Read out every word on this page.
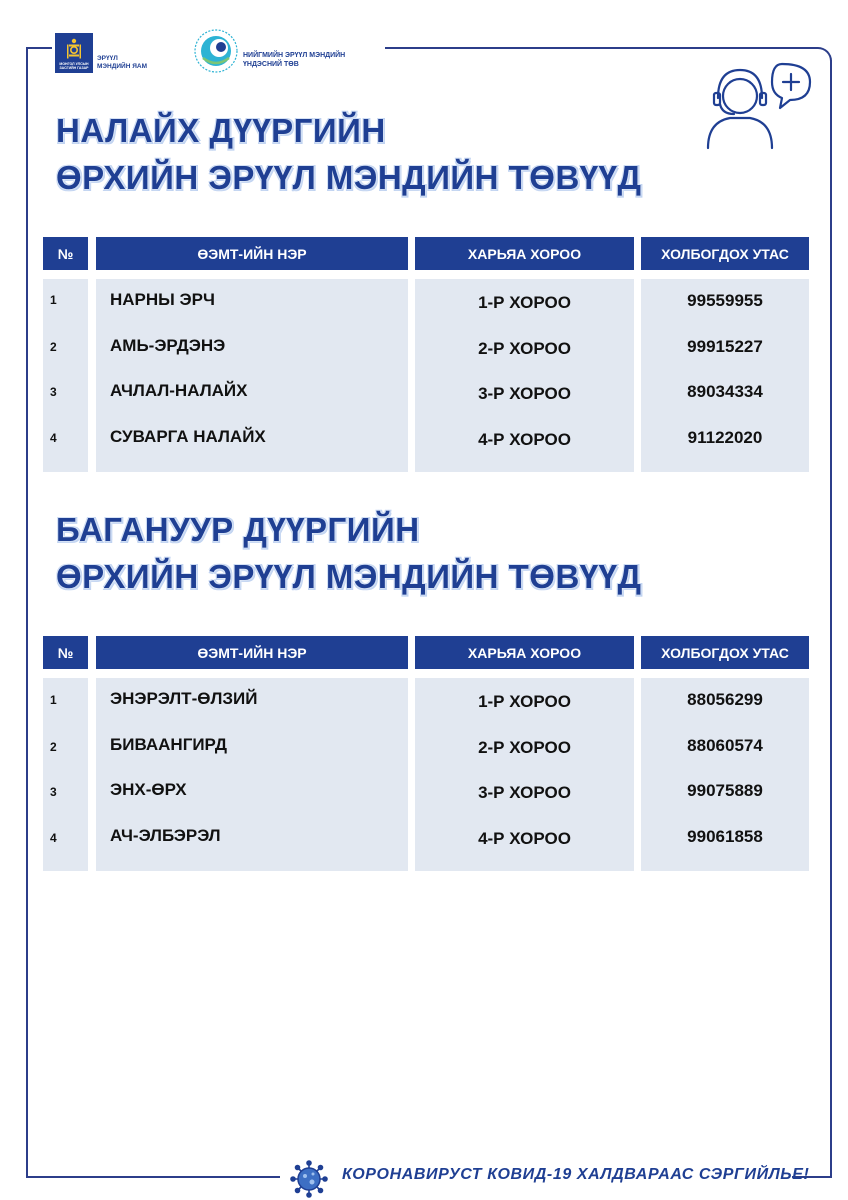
МОНГОЛ УЛСЫН ЗАСГИЙН ГАЗАР
ЭРҮҮЛ
МЭНДИЙН ЯАМ
НИЙГМИЙН ЭРҮҮЛ МЭНДИЙН
ҮНДЭСНИЙ ТӨВ
НАЛАЙХ ДҮҮРГИЙН
ӨРХИЙН ЭРҮҮЛ МЭНДИЙН ТӨВҮҮД
№	ӨЭМТ-ИЙН НЭР	ХАРЬЯА ХОРОО	ХОЛБОГДОХ УТАС
1	НАРНЫ ЭРЧ	1-Р ХОРОО	99559955
2	АМЬ-ЭРДЭНЭ	2-Р ХОРОО	99915227
3	АЧЛАЛ-НАЛАЙХ	3-Р ХОРОО	89034334
4	СУВАРГА НАЛАЙХ	4-Р ХОРОО	91122020
БАГАНУУР ДҮҮРГИЙН
ӨРХИЙН ЭРҮҮЛ МЭНДИЙН ТӨВҮҮД
№	ӨЭМТ-ИЙН НЭР	ХАРЬЯА ХОРОО	ХОЛБОГДОХ УТАС
1	ЭНЭРЭЛТ-ӨЛЗИЙ	1-Р ХОРОО	88056299
2	БИВААНГИРД	2-Р ХОРОО	88060574
3	ЭНХ-ӨРХ	3-Р ХОРОО	99075889
4	АЧ-ЭЛБЭРЭЛ	4-Р ХОРОО	99061858
КОРОНАВИРУСТ КОВИД-19 ХАЛДВАРААС СЭРГИЙЛЬЕ!
